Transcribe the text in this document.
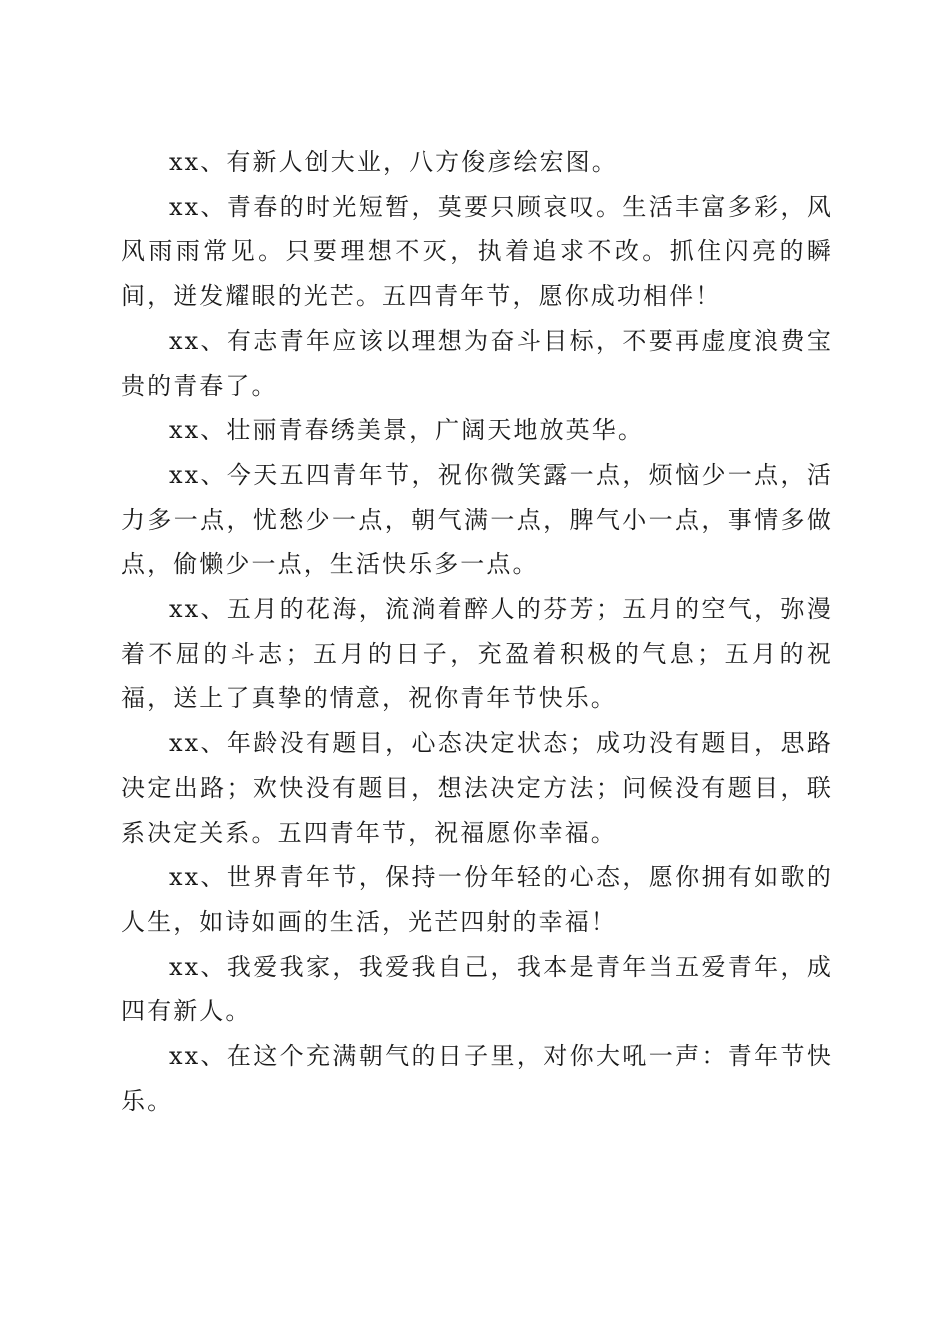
xx、有新人创大业，八方俊彦绘宏图。

xx、青春的时光短暂，莫要只顾哀叹。生活丰富多彩，风风雨雨常见。只要理想不灭，执着追求不改。抓住闪亮的瞬间，迸发耀眼的光芒。五四青年节，愿你成功相伴！

xx、有志青年应该以理想为奋斗目标，不要再虚度浪费宝贵的青春了。

xx、壮丽青春绣美景，广阔天地放英华。

xx、今天五四青年节，祝你微笑露一点，烦恼少一点，活力多一点，忧愁少一点，朝气满一点，脾气小一点，事情多做点，偷懒少一点，生活快乐多一点。

xx、五月的花海，流淌着醉人的芬芳；五月的空气，弥漫着不屈的斗志；五月的日子，充盈着积极的气息；五月的祝福，送上了真挚的情意，祝你青年节快乐。

xx、年龄没有题目，心态决定状态；成功没有题目，思路决定出路；欢快没有题目，想法决定方法；问候没有题目，联系决定关系。五四青年节，祝福愿你幸福。

xx、世界青年节，保持一份年轻的心态，愿你拥有如歌的人生，如诗如画的生活，光芒四射的幸福！

xx、我爱我家，我爱我自己，我本是青年当五爱青年，成四有新人。

xx、在这个充满朝气的日子里，对你大吼一声：青年节快乐。
